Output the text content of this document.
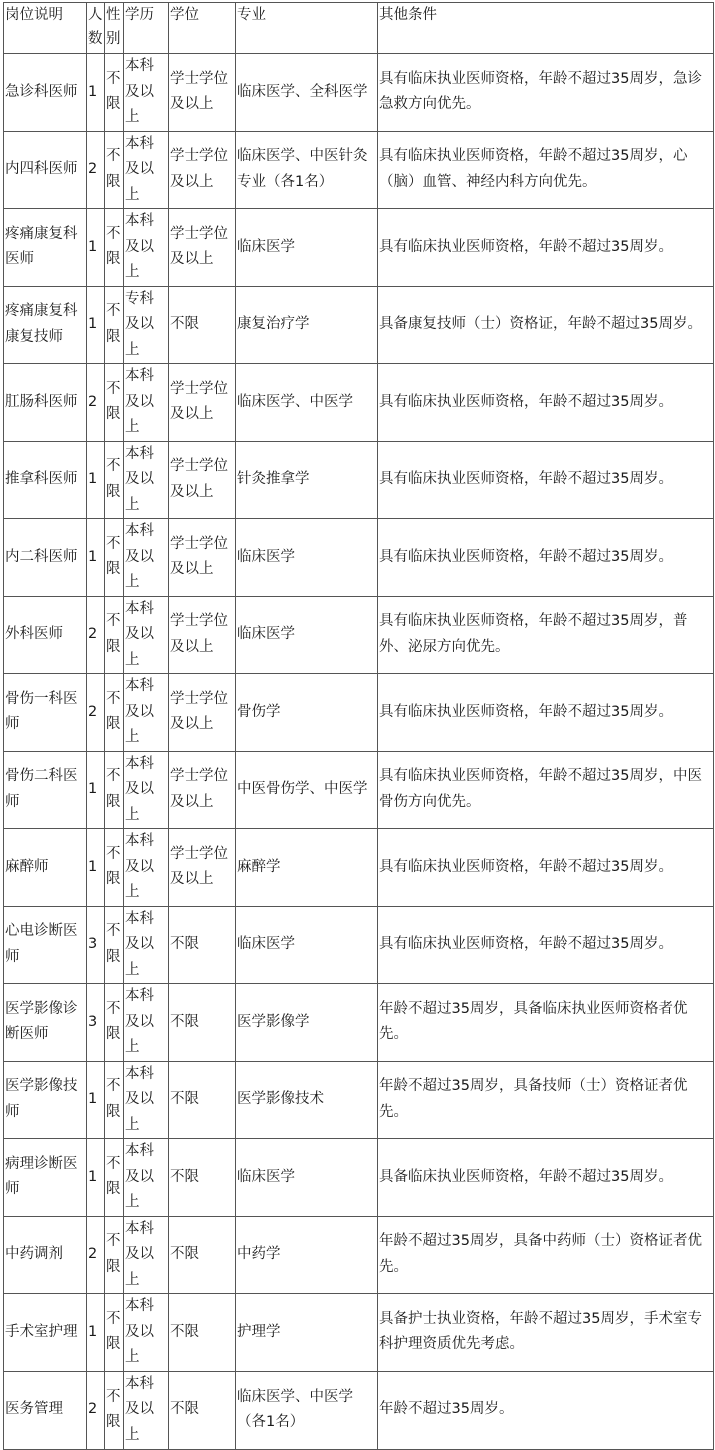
岗位说明	人数	性别	学历	学位	专业	其他条件
急诊科医师	1	不限	本科及以上	学士学位及以上	临床医学、全科医学	具有临床执业医师资格，年龄不超过35周岁，急诊急救方向优先。
内四科医师	2	不限	本科及以上	学士学位及以上	临床医学、中医针灸专业（各1名）	具有临床执业医师资格，年龄不超过35周岁，心（脑）血管、神经内科方向优先。
疼痛康复科医师	1	不限	本科及以上	学士学位及以上	临床医学	具有临床执业医师资格，年龄不超过35周岁。
疼痛康复科康复技师	1	不限	专科及以上	不限	康复治疗学	具备康复技师（士）资格证，年龄不超过35周岁。
肛肠科医师	2	不限	本科及以上	学士学位及以上	临床医学、中医学	具有临床执业医师资格，年龄不超过35周岁。
推拿科医师	1	不限	本科及以上	学士学位及以上	针灸推拿学	具有临床执业医师资格，年龄不超过35周岁。
内二科医师	1	不限	本科及以上	学士学位及以上	临床医学	具有临床执业医师资格，年龄不超过35周岁。
外科医师	2	不限	本科及以上	学士学位及以上	临床医学	具有临床执业医师资格，年龄不超过35周岁，普外、泌尿方向优先。
骨伤一科医师	2	不限	本科及以上	学士学位及以上	骨伤学	具有临床执业医师资格，年龄不超过35周岁。
骨伤二科医师	1	不限	本科及以上	学士学位及以上	中医骨伤学、中医学	具有临床执业医师资格，年龄不超过35周岁，中医骨伤方向优先。
麻醉师	1	不限	本科及以上	学士学位及以上	麻醉学	具有临床执业医师资格，年龄不超过35周岁。
心电诊断医师	3	不限	本科及以上	不限	临床医学	具有临床执业医师资格，年龄不超过35周岁。
医学影像诊断医师	3	不限	本科及以上	不限	医学影像学	年龄不超过35周岁，具备临床执业医师资格者优先。
医学影像技师	1	不限	本科及以上	不限	医学影像技术	年龄不超过35周岁，具备技师（士）资格证者优先。
病理诊断医师	1	不限	本科及以上	不限	临床医学	具备临床执业医师资格，年龄不超过35周岁。
中药调剂	2	不限	本科及以上	不限	中药学	年龄不超过35周岁，具备中药师（士）资格证者优先。
手术室护理	1	不限	本科及以上	不限	护理学	具备护士执业资格，年龄不超过35周岁，手术室专科护理资质优先考虑。
医务管理	2	不限	本科及以上	不限	临床医学、中医学（各1名）	年龄不超过35周岁。
